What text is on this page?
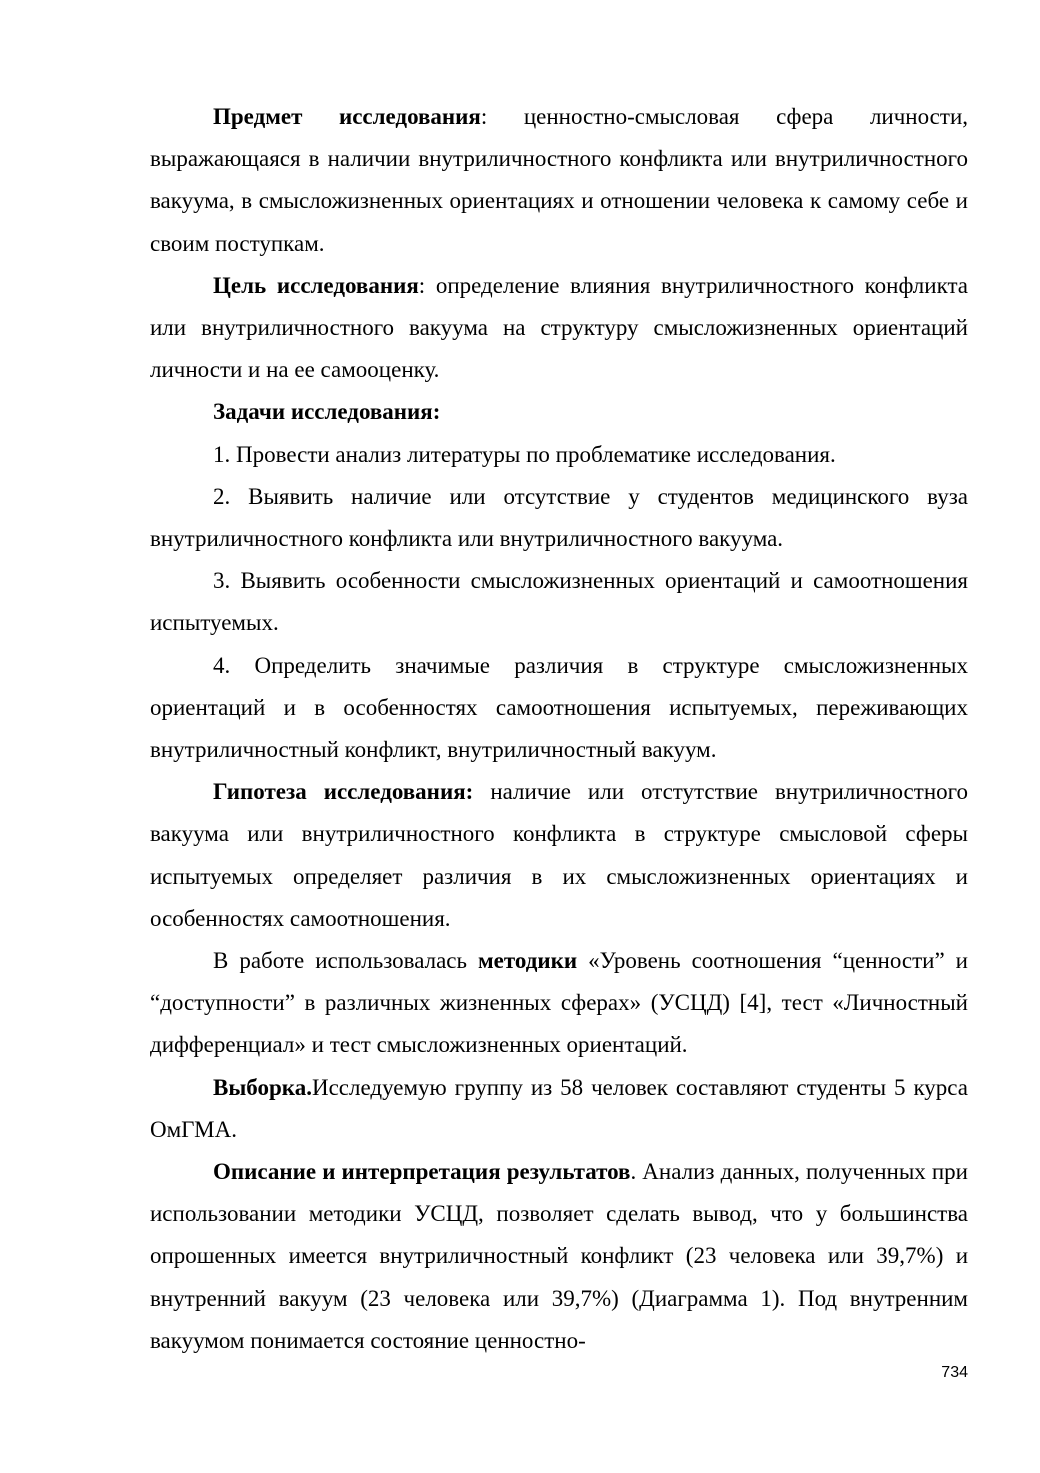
Предмет исследования: ценностно-смысловая сфера личности, выражающаяся в наличии внутриличностного конфликта или внутриличностного вакуума, в смысложизненных ориентациях и отношении человека к самому себе и своим поступкам.

Цель исследования: определение влияния внутриличностного конфликта или внутриличностного вакуума на структуру смысложизненных ориентаций личности и на ее самооценку.

Задачи исследования:

1. Провести анализ литературы по проблематике исследования.

2. Выявить наличие или отсутствие у студентов медицинского вуза внутриличностного конфликта или внутриличностного вакуума.

3. Выявить особенности смысложизненных ориентаций и самоотношения испытуемых.

4. Определить значимые различия в структуре смысложизненных ориентаций и в особенностях самоотношения испытуемых, переживающих внутриличностный конфликт, внутриличностный вакуум.

Гипотеза исследования: наличие или отстутствие внутриличностного вакуума или внутриличностного конфликта в структуре смысловой сферы испытуемых определяет различия в их смысложизненных ориентациях и особенностях самоотношения.

В работе использовалась методики «Уровень соотношения “ценности” и “доступности” в различных жизненных сферах» (УСЦД) [4], тест «Личностный дифференциал» и тест смысложизненных ориентаций.

Выборка.Исследуемую группу из 58 человек составляют студенты 5 курса ОмГМА.

Описание и интерпретация результатов. Анализ данных, полученных при использовании методики УСЦД, позволяет сделать вывод, что у большинства опрошенных имеется внутриличностный конфликт (23 человека или 39,7%) и внутренний вакуум (23 человека или 39,7%) (Диаграмма 1). Под внутренним вакуумом понимается состояние ценностно-

734
